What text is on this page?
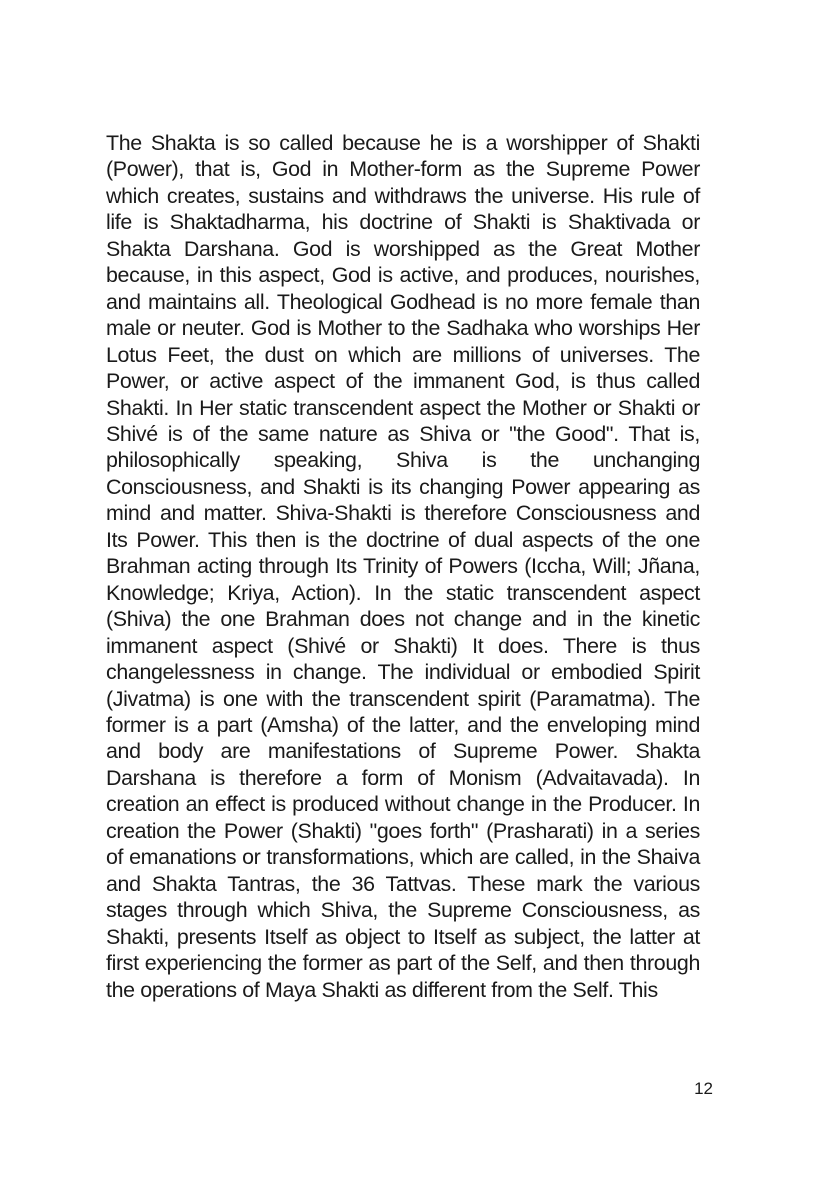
The Shakta is so called because he is a worshipper of Shakti (Power), that is, God in Mother-form as the Supreme Power which creates, sustains and withdraws the universe. His rule of life is Shaktadharma, his doctrine of Shakti is Shaktivada or Shakta Darshana. God is worshipped as the Great Mother because, in this aspect, God is active, and produces, nourishes, and maintains all. Theological Godhead is no more female than male or neuter. God is Mother to the Sadhaka who worships Her Lotus Feet, the dust on which are millions of universes. The Power, or active aspect of the immanent God, is thus called Shakti. In Her static transcendent aspect the Mother or Shakti or Shivé is of the same nature as Shiva or "the Good". That is, philosophically speaking, Shiva is the unchanging Consciousness, and Shakti is its changing Power appearing as mind and matter. Shiva-Shakti is therefore Consciousness and Its Power. This then is the doctrine of dual aspects of the one Brahman acting through Its Trinity of Powers (Iccha, Will; Jñana, Knowledge; Kriya, Action). In the static transcendent aspect (Shiva) the one Brahman does not change and in the kinetic immanent aspect (Shivé or Shakti) It does. There is thus changelessness in change. The individual or embodied Spirit (Jivatma) is one with the transcendent spirit (Paramatma). The former is a part (Amsha) of the latter, and the enveloping mind and body are manifestations of Supreme Power. Shakta Darshana is therefore a form of Monism (Advaitavada). In creation an effect is produced without change in the Producer. In creation the Power (Shakti) "goes forth" (Prasharati) in a series of emanations or transformations, which are called, in the Shaiva and Shakta Tantras, the 36 Tattvas. These mark the various stages through which Shiva, the Supreme Consciousness, as Shakti, presents Itself as object to Itself as subject, the latter at first experiencing the former as part of the Self, and then through the operations of Maya Shakti as different from the Self. This

12
